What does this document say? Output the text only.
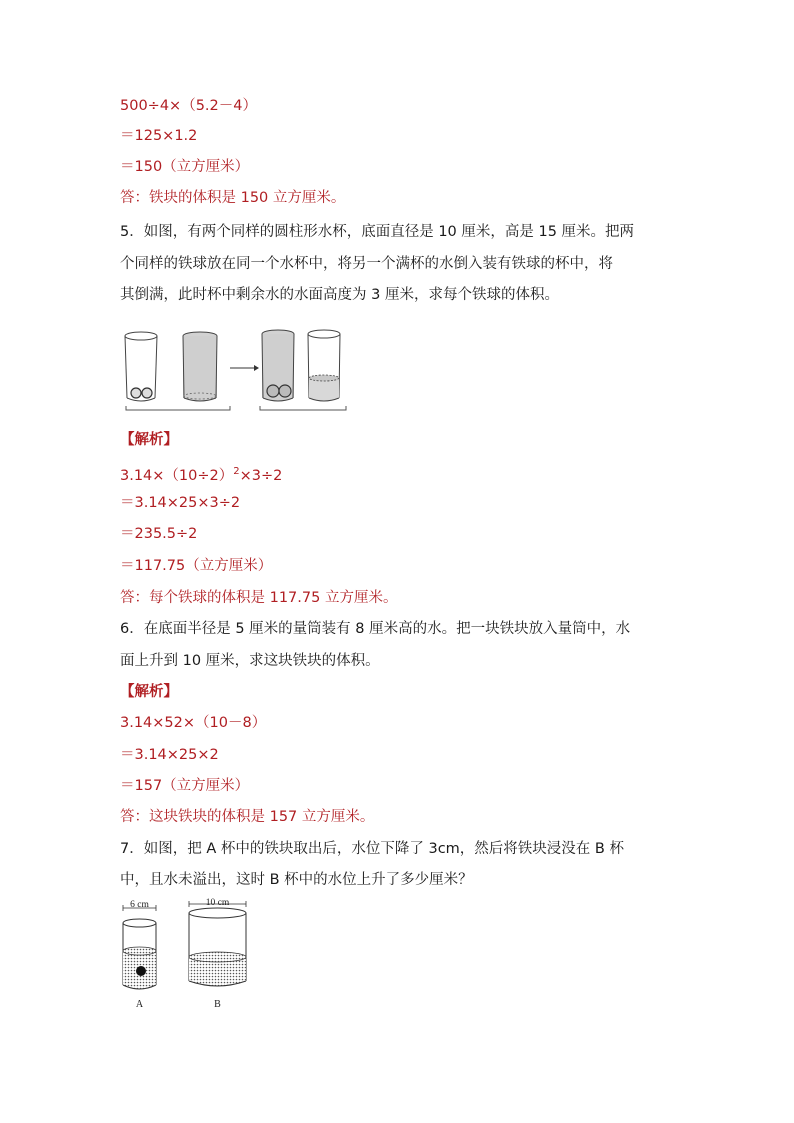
500÷4×（5.2－4）
＝125×1.2
＝150（立方厘米）
答：铁块的体积是 150 立方厘米。
5．如图，有两个同样的圆柱形水杯，底面直径是 10 厘米，高是 15 厘米。把两
个同样的铁球放在同一个水杯中，将另一个满杯的水倒入装有铁球的杯中，将
其倒满，此时杯中剩余水的水面高度为 3 厘米，求每个铁球的体积。
【解析】
$3.14\times(10\div 2)^2\times 3\div 2$
＝3.14×25×3÷2
＝235.5÷2
＝117.75（立方厘米）
答：每个铁球的体积是 117.75 立方厘米。
6．在底面半径是 5 厘米的量筒装有 8 厘米高的水。把一块铁块放入量筒中，水
面上升到 10 厘米，求这块铁块的体积。
【解析】
3.14×52×（10－8）
＝3.14×25×2
＝157（立方厘米）
答：这块铁块的体积是 157 立方厘米。
7．如图，把 A 杯中的铁块取出后，水位下降了 3cm，然后将铁块浸没在 B 杯
中，且水未溢出，这时 B 杯中的水位上升了多少厘米？
6 cm
A
10 cm
B
